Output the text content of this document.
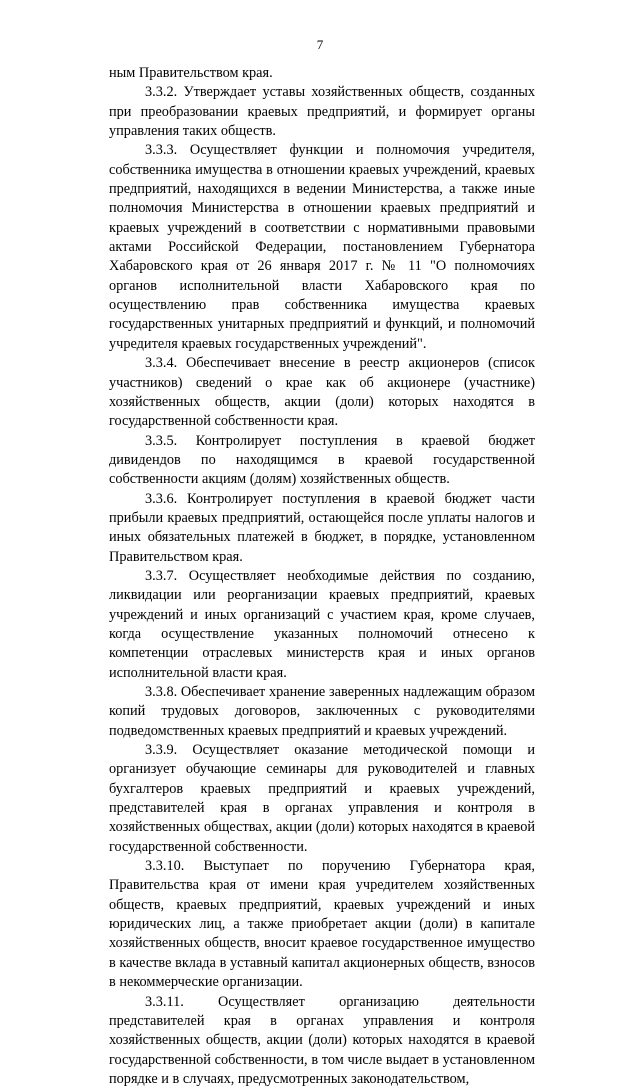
7

ным Правительством края.

3.3.2. Утверждает уставы хозяйственных обществ, созданных при преобразовании краевых предприятий, и формирует органы управления таких обществ.

3.3.3. Осуществляет функции и полномочия учредителя, собственника имущества в отношении краевых учреждений, краевых предприятий, находящихся в ведении Министерства, а также иные полномочия Министерства в отношении краевых предприятий и краевых учреждений в соответствии с нормативными правовыми актами Российской Федерации, постановлением Губернатора Хабаровского края от 26 января 2017 г. № 11 "О полномочиях органов исполнительной власти Хабаровского края по осуществлению прав собственника имущества краевых государственных унитарных предприятий и функций, и полномочий учредителя краевых государственных учреждений".

3.3.4. Обеспечивает внесение в реестр акционеров (список участников) сведений о крае как об акционере (участнике) хозяйственных обществ, акции (доли) которых находятся в государственной собственности края.

3.3.5. Контролирует поступления в краевой бюджет дивидендов по находящимся в краевой государственной собственности акциям (долям) хозяйственных обществ.

3.3.6. Контролирует поступления в краевой бюджет части прибыли краевых предприятий, остающейся после уплаты налогов и иных обязательных платежей в бюджет, в порядке, установленном Правительством края.

3.3.7. Осуществляет необходимые действия по созданию, ликвидации или реорганизации краевых предприятий, краевых учреждений и иных организаций с участием края, кроме случаев, когда осуществление указанных полномочий отнесено к компетенции отраслевых министерств края и иных органов исполнительной власти края.

3.3.8. Обеспечивает хранение заверенных надлежащим образом копий трудовых договоров, заключенных с руководителями подведомственных краевых предприятий и краевых учреждений.

3.3.9. Осуществляет оказание методической помощи и организует обучающие семинары для руководителей и главных бухгалтеров краевых предприятий и краевых учреждений, представителей края в органах управления и контроля в хозяйственных обществах, акции (доли) которых находятся в краевой государственной собственности.

3.3.10. Выступает по поручению Губернатора края, Правительства края от имени края учредителем хозяйственных обществ, краевых предприятий, краевых учреждений и иных юридических лиц, а также приобретает акции (доли) в капитале хозяйственных обществ, вносит краевое государственное имущество в качестве вклада в уставный капитал акционерных обществ, взносов в некоммерческие организации.

3.3.11. Осуществляет организацию деятельности представителей края в органах управления и контроля хозяйственных обществ, акции (доли) которых находятся в краевой государственной собственности, в том числе выдает в установленном порядке и в случаях, предусмотренных законодательством,
